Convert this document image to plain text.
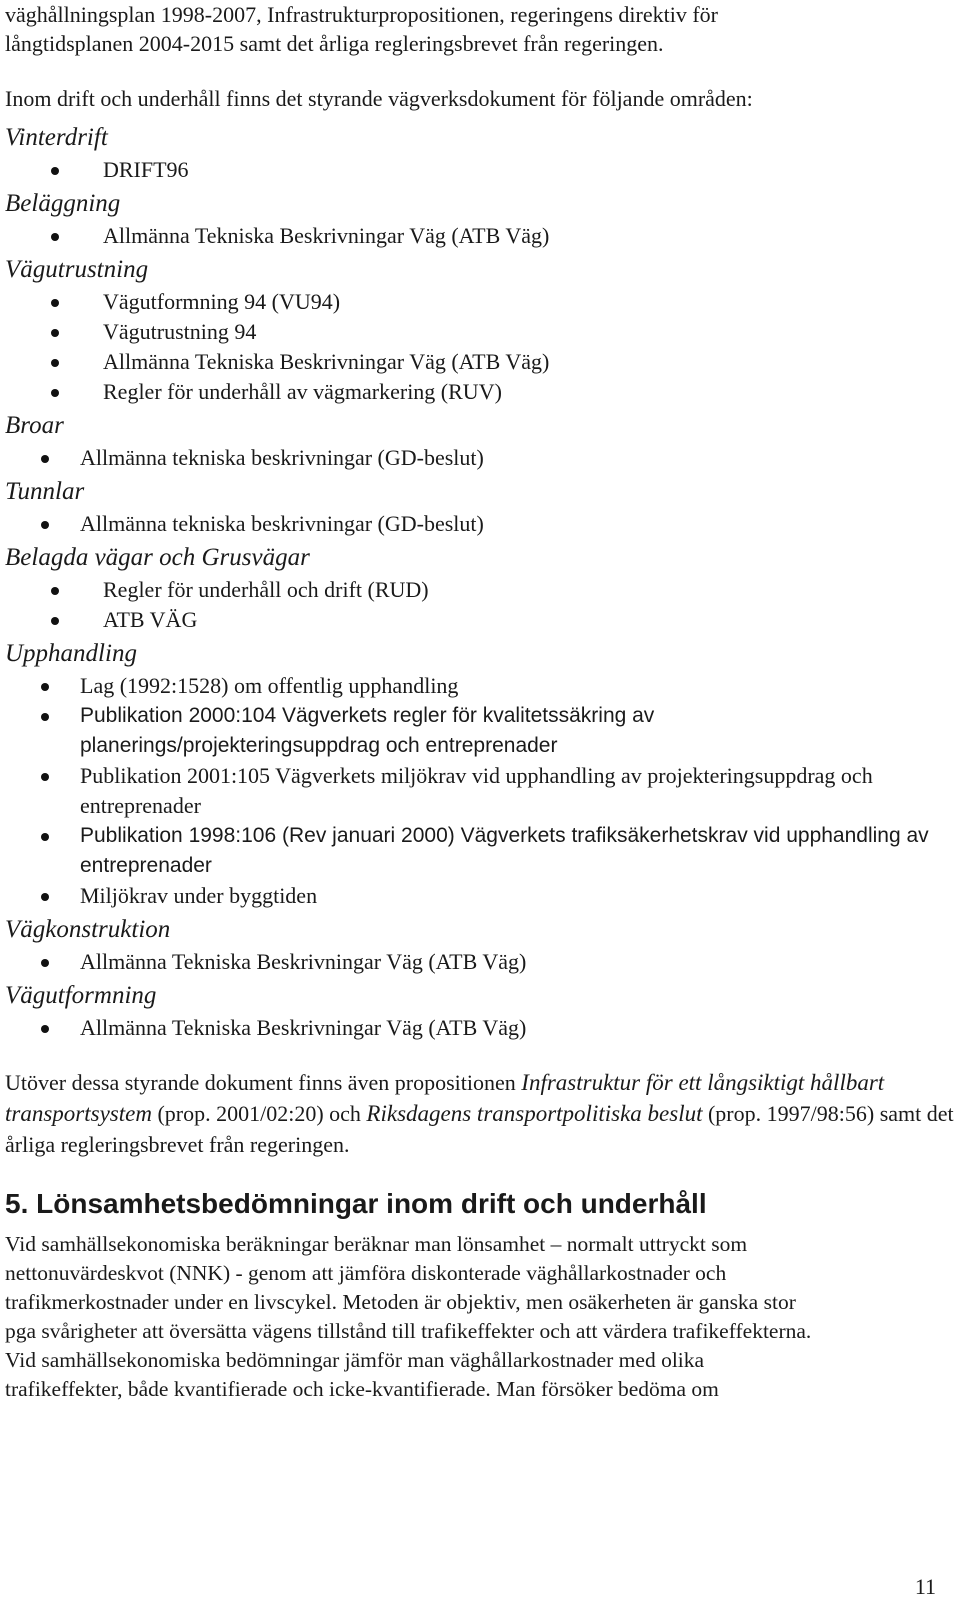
väghållningsplan 1998-2007, Infrastrukturpropositionen, regeringens direktiv för

långtidsplanen 2004-2015 samt det årliga regleringsbrevet från regeringen.

Inom drift och underhåll finns det styrande vägverksdokument för följande områden:

Vinterdrift

DRIFT96

Beläggning

Allmänna Tekniska Beskrivningar Väg (ATB Väg)

Vägutrustning

Vägutformning 94 (VU94)
Vägutrustning 94
Allmänna Tekniska Beskrivningar Väg (ATB Väg)
Regler för underhåll av vägmarkering (RUV)

Broar

Allmänna tekniska beskrivningar (GD-beslut)

Tunnlar

Allmänna tekniska beskrivningar (GD-beslut)

Belagda vägar och Grusvägar

Regler för underhåll och drift (RUD)
ATB VÄG

Upphandling

Lag (1992:1528) om offentlig upphandling
Publikation 2000:104 Vägverkets regler för kvalitetssäkring av planerings/projekteringsuppdrag och entreprenader
Publikation 2001:105 Vägverkets miljökrav vid upphandling av projekteringsuppdrag och entreprenader
Publikation 1998:106 (Rev januari 2000) Vägverkets trafiksäkerhetskrav vid upphandling av entreprenader
Miljökrav under byggtiden

Vägkonstruktion

Allmänna Tekniska Beskrivningar Väg (ATB Väg)

Vägutformning

Allmänna Tekniska Beskrivningar Väg (ATB Väg)

Utöver dessa styrande dokument finns även propositionen Infrastruktur för ett långsiktigt hållbart transportsystem (prop. 2001/02:20) och Riksdagens transportpolitiska beslut (prop. 1997/98:56) samt det årliga regleringsbrevet från regeringen.

5. Lönsamhetsbedömningar inom drift och underhåll

Vid samhällsekonomiska beräkningar beräknar man lönsamhet – normalt uttryckt som

nettonuvärdeskvot (NNK) - genom att jämföra diskonterade väghållarkostnader och

trafikmerkostnader under en livscykel. Metoden är objektiv, men osäkerheten är ganska stor

pga svårigheter att översätta vägens tillstånd till trafikeffekter och att värdera trafikeffekterna.

Vid samhällsekonomiska bedömningar jämför man väghållarkostnader med olika

trafikeffekter, både kvantifierade och icke-kvantifierade. Man försöker bedöma om

11
